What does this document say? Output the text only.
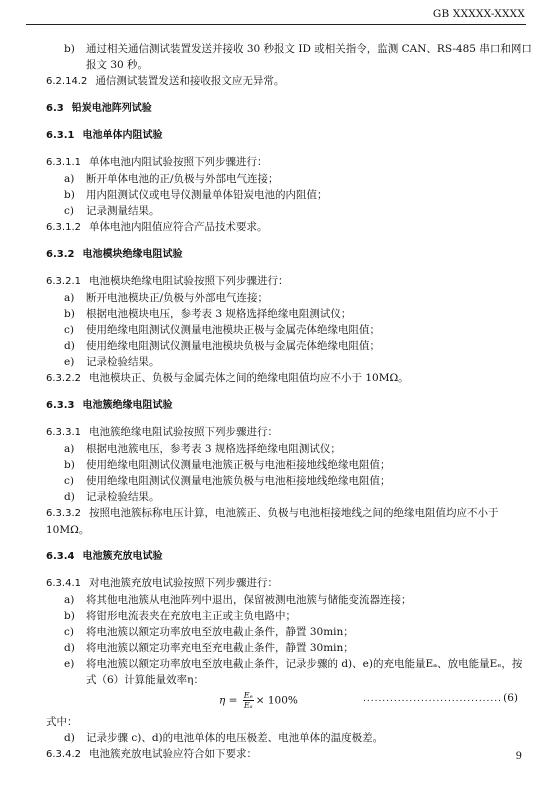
GB XXXXX-XXXX
b) 通过相关通信测试装置发送并接收 30 秒报文 ID 或相关指令，监测 CAN、RS-485 串口和网口
报文 30 秒。
6.2.14.2 通信测试装置发送和接收报文应无异常。
6.3 铅炭电池阵列试验
6.3.1 电池单体内阻试验
6.3.1.1 单体电池内阻试验按照下列步骤进行：
a) 断开单体电池的正/负极与外部电气连接；
b) 用内阻测试仪或电导仪测量单体铅炭电池的内阻值；
c) 记录测量结果。
6.3.1.2 单体电池内阻值应符合产品技术要求。
6.3.2 电池模块绝缘电阻试验
6.3.2.1 电池模块绝缘电阻试验按照下列步骤进行：
a) 断开电池模块正/负极与外部电气连接；
b) 根据电池模块电压，参考表 3 规格选择绝缘电阻测试仪；
c) 使用绝缘电阻测试仪测量电池模块正极与金属壳体绝缘电阻值；
d) 使用绝缘电阻测试仪测量电池模块负极与金属壳体绝缘电阻值；
e) 记录检验结果。
6.3.2.2 电池模块正、负极与金属壳体之间的绝缘电阻值均应不小于 10MΩ。
6.3.3 电池簇绝缘电阻试验
6.3.3.1 电池簇绝缘电阻试验按照下列步骤进行：
a) 根据电池簇电压，参考表 3 规格选择绝缘电阻测试仪；
b) 使用绝缘电阻测试仪测量电池簇正极与电池柜接地线绝缘电阻值；
c) 使用绝缘电阻测试仪测量电池簇负极与电池柜接地线绝缘电阻值；
d) 记录检验结果。
6.3.3.2 按照电池簇标称电压计算，电池簇正、负极与电池柜接地线之间的绝缘电阻值均应不小于
10MΩ。
6.3.4 电池簇充放电试验
6.3.4.1 对电池簇充放电试验按照下列步骤进行：
a) 将其他电池簇从电池阵列中退出，保留被测电池簇与储能变流器连接；
b) 将钳形电流表夹在充放电主正或主负电路中；
c) 将电池簇以额定功率放电至放电截止条件，静置 30min；
d) 将电池簇以额定功率充电至充电截止条件，静置 30min；
e) 将电池簇以额定功率放电至放电截止条件，记录步骤的 d)、e)的充电能量Eₐ、放电能量Eₑ，按
式（6）计算能量效率η：
$\eta = \frac{\text{Eₑ}}{\text{Eₐ}} \times 100\%$	.................................... (6)
式中：
d) 记录步骤 c)、d)的电池单体的电压极差、电池单体的温度极差。
6.3.4.2 电池簇充放电试验应符合如下要求：	9
